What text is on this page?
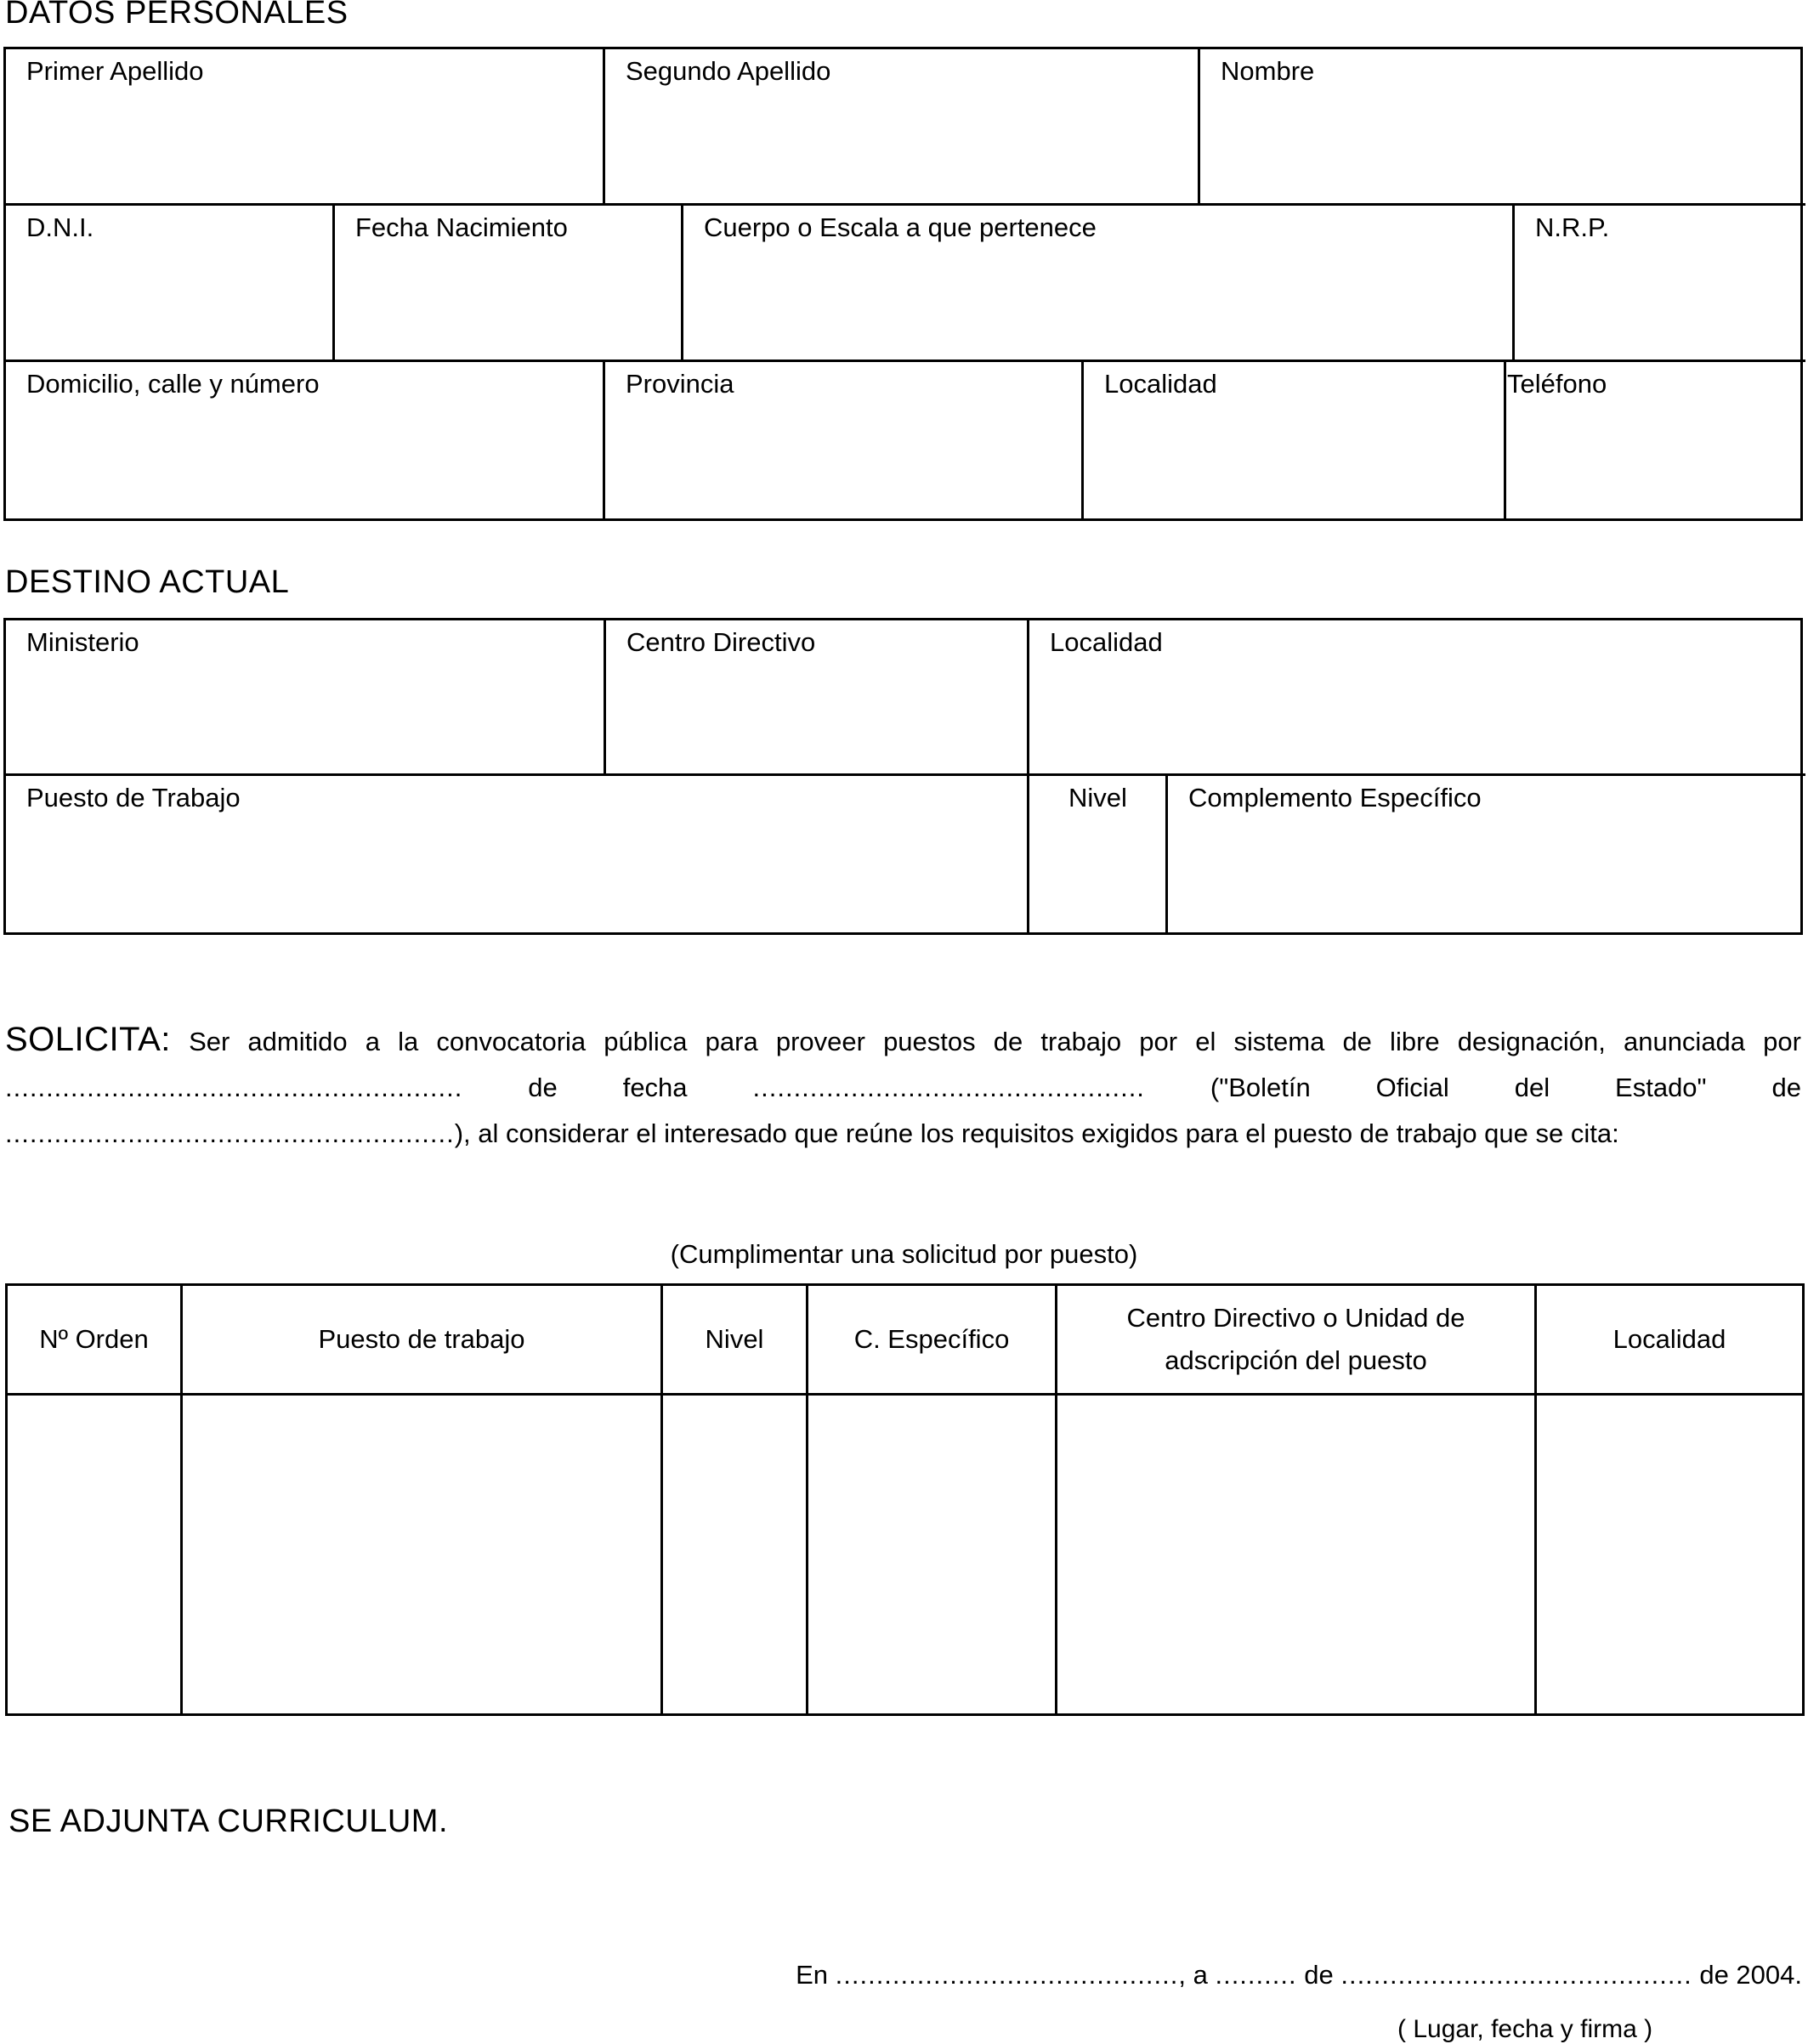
DATOS PERSONALES
Primer Apellido	Segundo Apellido	Nombre
D.N.I.	Fecha Nacimiento	Cuerpo o Escala a que pertenece	N.R.P.
Domicilio, calle y número	Provincia	Localidad	Teléfono
DESTINO ACTUAL
Ministerio	Centro Directivo	Localidad
Puesto de Trabajo	Nivel	Complemento Específico
SOLICITA: Ser admitido a la convocatoria pública para proveer puestos de trabajo por el sistema de libre designación, anunciada por ........................................................ de fecha ................................................ ("Boletín Oficial del Estado" de .......................................................), al considerar el interesado que reúne los requisitos exigidos para el puesto de trabajo que se cita:
(Cumplimentar una solicitud por puesto)
Nº Orden	Puesto de trabajo	Nivel	C. Específico	Centro Directivo o Unidad de adscripción del puesto	Localidad

SE ADJUNTA CURRICULUM.
En .........................................., a .......... de ........................................... de 2004.
( Lugar, fecha y firma )
